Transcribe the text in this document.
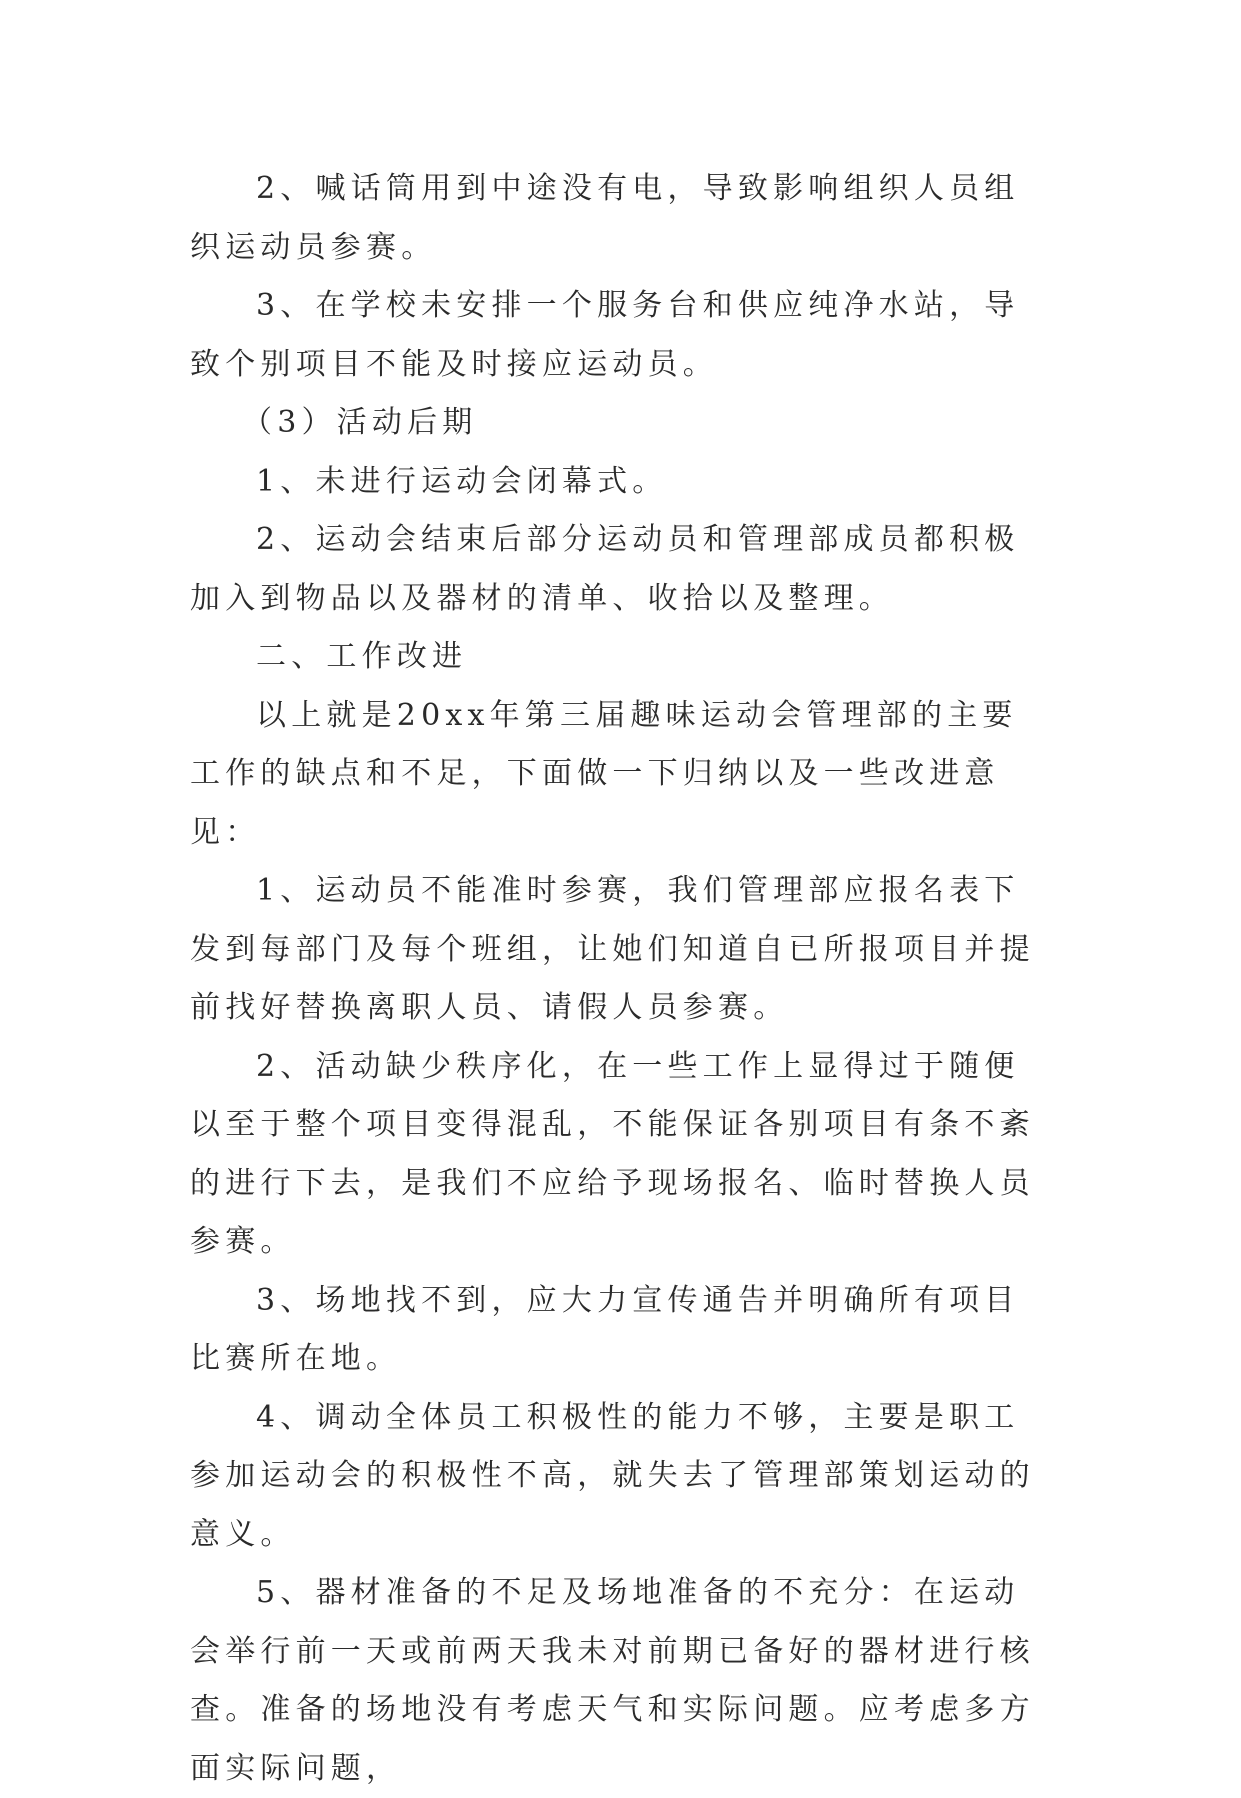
2、喊话筒用到中途没有电，导致影响组织人员组织运动员参赛。

3、在学校未安排一个服务台和供应纯净水站，导致个别项目不能及时接应运动员。

（3）活动后期

1、未进行运动会闭幕式。

2、运动会结束后部分运动员和管理部成员都积极加入到物品以及器材的清单、收拾以及整理。

二、工作改进

以上就是20xx年第三届趣味运动会管理部的主要工作的缺点和不足，下面做一下归纳以及一些改进意见：

1、运动员不能准时参赛，我们管理部应报名表下发到每部门及每个班组，让她们知道自已所报项目并提前找好替换离职人员、请假人员参赛。

2、活动缺少秩序化，在一些工作上显得过于随便以至于整个项目变得混乱，不能保证各别项目有条不紊的进行下去，是我们不应给予现场报名、临时替换人员参赛。

3、场地找不到，应大力宣传通告并明确所有项目比赛所在地。

4、调动全体员工积极性的能力不够，主要是职工参加运动会的积极性不高，就失去了管理部策划运动的意义。

5、器材准备的不足及场地准备的不充分：在运动会举行前一天或前两天我未对前期已备好的器材进行核查。准备的场地没有考虑天气和实际问题。应考虑多方面实际问题，
